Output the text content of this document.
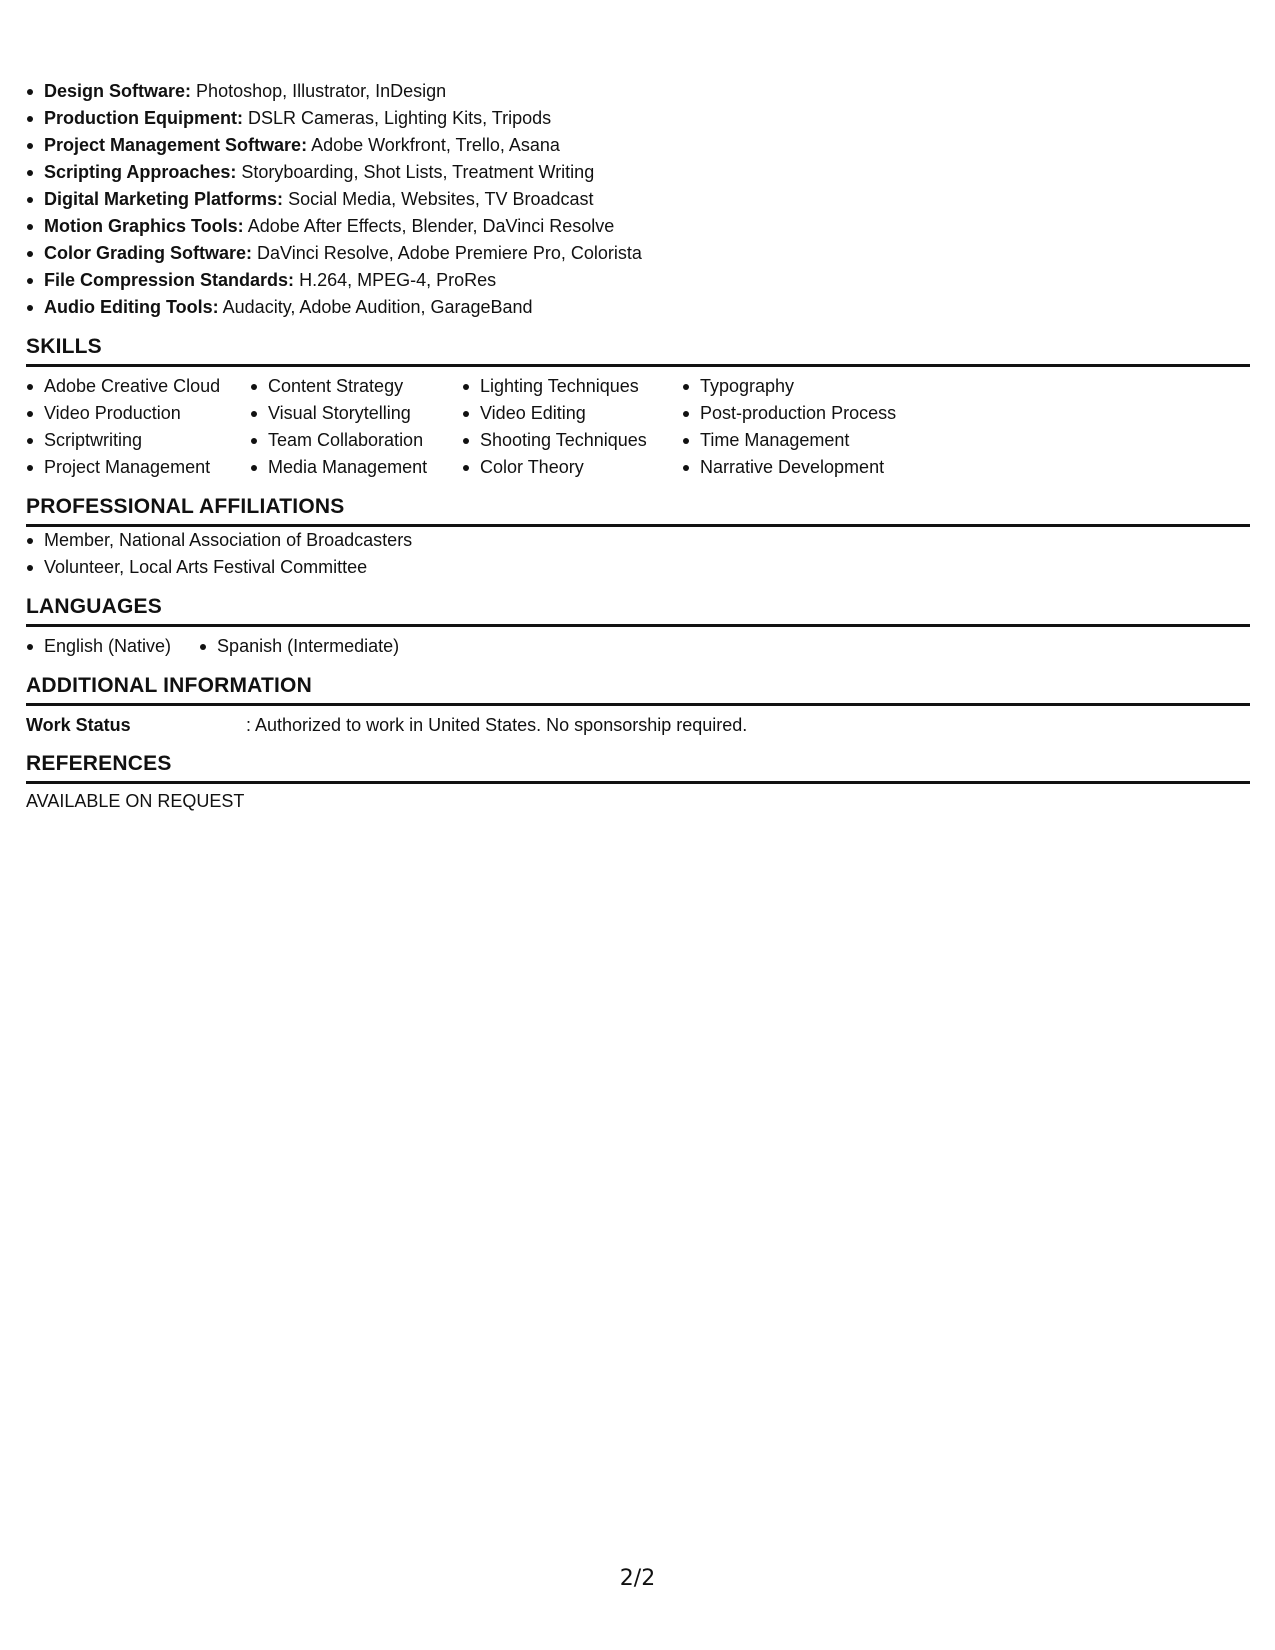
Design Software: Photoshop, Illustrator, InDesign
Production Equipment: DSLR Cameras, Lighting Kits, Tripods
Project Management Software: Adobe Workfront, Trello, Asana
Scripting Approaches: Storyboarding, Shot Lists, Treatment Writing
Digital Marketing Platforms: Social Media, Websites, TV Broadcast
Motion Graphics Tools: Adobe After Effects, Blender, DaVinci Resolve
Color Grading Software: DaVinci Resolve, Adobe Premiere Pro, Colorista
File Compression Standards: H.264, MPEG-4, ProRes
Audio Editing Tools: Audacity, Adobe Audition, GarageBand
SKILLS
Adobe Creative Cloud
Video Production
Scriptwriting
Project Management
Content Strategy
Visual Storytelling
Team Collaboration
Media Management
Lighting Techniques
Video Editing
Shooting Techniques
Color Theory
Typography
Post-production Process
Time Management
Narrative Development
PROFESSIONAL AFFILIATIONS
Member, National Association of Broadcasters
Volunteer, Local Arts Festival Committee
LANGUAGES
English (Native)	Spanish (Intermediate)
ADDITIONAL INFORMATION
Work Status	: Authorized to work in United States. No sponsorship required.
REFERENCES
AVAILABLE ON REQUEST
2/2
